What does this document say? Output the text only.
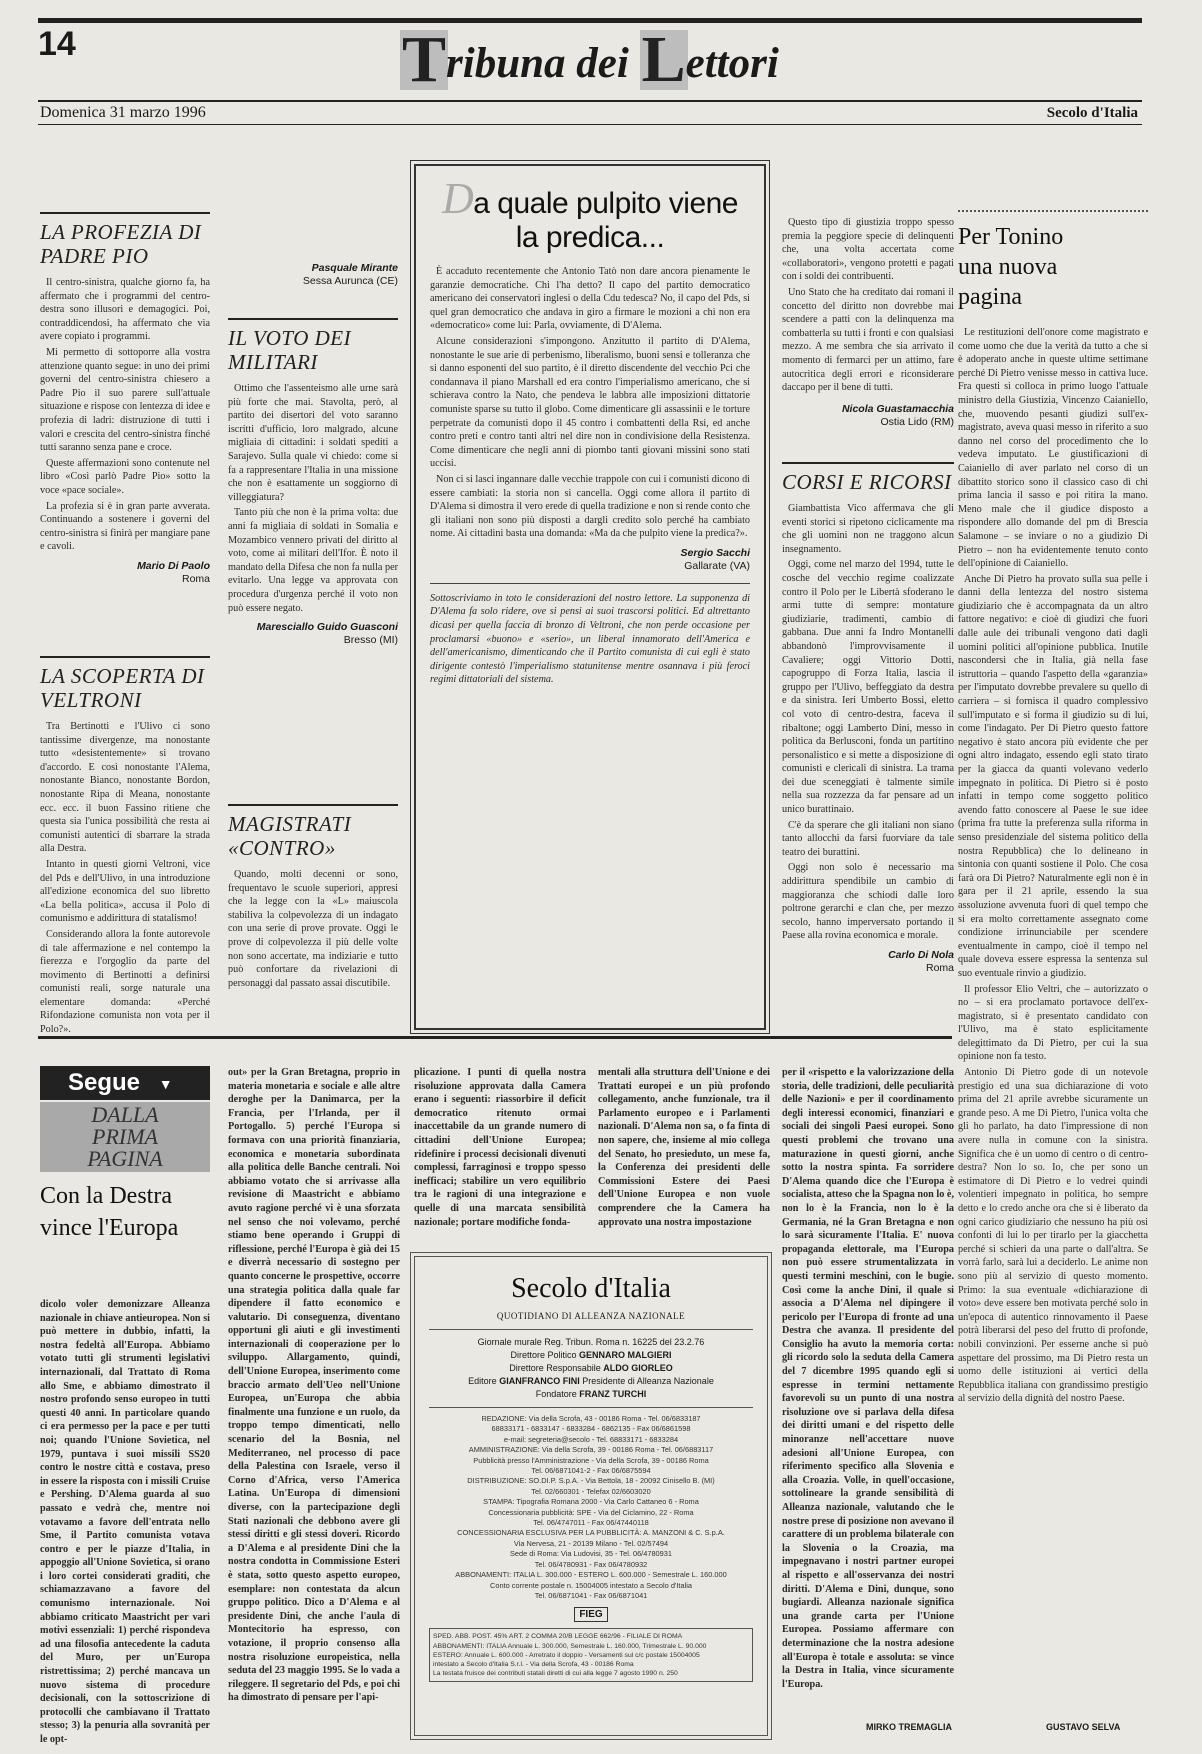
14	Tribuna dei Lettori
Domenica 31 marzo 1996	Secolo d'Italia
LA PROFEZIA DI PADRE PIO

Il centro-sinistra, qualche giorno fa, ha affermato che i programmi del centro-destra sono illusori e demagogici. Poi, contraddicendosi, ha affermato che vìa avere copiato i programmi.

Mi permetto di sottoporre alla vostra attenzione quanto segue: in uno dei primi governi del centro-sinistra chiesero a Padre Pio il suo parere sull'attuale situazione e rispose con lentezza di idee e profezia di ladri: distruzione di tutti i valori e crescita del centro-sinistra finché tutti saranno senza pane e croce.

Queste affermazioni sono contenute nel libro «Così parlò Padre Pio» sotto la voce «pace sociale».

La profezia si è in gran parte avverata. Continuando a sostenere i governi del centro-sinistra si finirà per mangiare pane e cavoli.

Mario Di Paolo
Roma
LA SCOPERTA DI VELTRONI

Tra Bertinotti e l'Ulivo ci sono tantissime divergenze, ma nonostante tutto «desistentemente» si trovano d'accordo. E così nonostante l'Alema, nonostante Bianco, nonostante Bordon, nonostante Ripa di Meana, nonostante ecc. ecc. il buon Fassino ritiene che questa sia l'unica possibilità che resta ai comunisti autentici di sbarrare la strada alla Destra.

Intanto in questi giorni Veltroni, vice del Pds e dell'Ulivo, in una introduzione all'edizione economica del suo libretto «La bella politica», accusa il Polo di comunismo e addirittura di statalismo!

Considerando allora la fonte autorevole di tale affermazione e nel contempo la fierezza e l'orgoglio da parte del movimento di Bertinotti a definirsi comunisti reali, sorge naturale una elementare domanda: «Perché Rifondazione comunista non vota per il Polo?».

Pasquale Mirante
Sessa Aurunca (CE)
IL VOTO DEI MILITARI

Ottimo che l'assenteismo alle urne sarà più forte che mai. Stavolta, però, al partito dei disertori del voto saranno iscritti d'ufficio, loro malgrado, alcune migliaia di cittadini: i soldati spediti a Sarajevo. Sulla quale vi chiedo: come si fa a rappresentare l'Italia in una missione che non è esattamente un soggiorno di villeggiatura?

Tanto più che non è la prima volta: due anni fa migliaia di soldati in Somalia e Mozambico vennero privati del diritto al voto, come ai militari dell'Ifor. È noto il mandato della Difesa che non fa nulla per evitarlo. Una legge va approvata con procedura d'urgenza perché il voto non può essere negato.

Maresciallo Guido Guasconi
Bresso (MI)
MAGISTRATI «CONTRO»

Quando, molti decenni or sono, frequentavo le scuole superiori, appresi che la legge con la «L» maiuscola stabiliva la colpevolezza di un indagato con una serie di prove provate. Oggi le prove di colpevolezza il più delle volte non sono accertate, ma indiziarie e tutto può confortare da rivelazioni di personaggi dal passato assai discutibile.

Da quale pulpito viene la predica...

È accaduto recentemente che Antonio Tatò non dare ancora pienamente le garanzie democratiche. Chi l'ha detto? Il capo del partito democratico americano dei conservatori inglesi o della Cdu tedesca? No, il capo del Pds, si quel gran democratico che andava in giro a firmare le mozioni a chi non era «democratico» come lui: Parla, ovviamente, di D'Alema.

Alcune considerazioni s'impongono. Anzitutto il partito di D'Alema, nonostante le sue arie di perbenismo, liberalismo, buoni sensi e tolleranza che si danno esponenti del suo partito, è il diretto discendente del vecchio Pci che condannava il piano Marshall ed era contro l'imperialismo americano, che si schierava contro la Nato, che pendeva le labbra alle imposizioni dittatorie comuniste sparse su tutto il globo. Come dimenticare gli assassinii e le torture perpetrate da comunisti dopo il 45 contro i combattenti della Rsi, ed anche contro preti e contro tanti altri nel dire non in condivisione della Resistenza. Come dimenticare che negli anni di piombo tanti giovani missini sono stati uccisi.

Non ci si lasci ingannare dalle vecchie trappole con cui i comunisti dicono di essere cambiati: la storia non si cancella. Oggi come allora il partito di D'Alema si dimostra il vero erede di quella tradizione e non si rende conto che gli italiani non sono più disposti a dargli credito solo perché ha cambiato nome. Ai cittadini basta una domanda: «Ma da che pulpito viene la predica?».

Sergio Sacchi
Gallarate (VA)
Sottoscriviamo in toto le considerazioni del nostro lettore. La supponenza di D'Alema fa solo ridere, ove si pensi ai suoi trascorsi politici. Ed altrettanto dicasi per quella faccia di bronzo di Veltroni, che non perde occasione per proclamarsi «buono» e «serio», un liberal innamorato dell'America e dell'americanismo, dimenticando che il Partito comunista di cui egli è stato dirigente contestò l'imperialismo statunitense mentre osannava i più feroci regimi dittatoriali del sistema.

Questo tipo di giustizia troppo spesso premia la peggiore specie di delinquenti che, una volta accertata come «collaboratori», vengono protetti e pagati con i soldi dei contribuenti.

Uno Stato che ha creditato dai romani il concetto del diritto non dovrebbe mai scendere a patti con la delinquenza ma combatterla su tutti i fronti e con qualsiasi mezzo. A me sembra che sia arrivato il momento di fermarci per un attimo, fare autocritica degli errori e riconsiderare daccapo per il bene di tutti.

Nicola Guastamacchia
Ostia Lido (RM)
CORSI E RICORSI

Giambattista Vico affermava che gli eventi storici si ripetono ciclicamente ma che gli uomini non ne traggono alcun insegnamento.

Oggi, come nel marzo del 1994, tutte le cosche del vecchio regime coalizzate contro il Polo per le Libertà sfoderano le armi tutte di sempre: montature giudiziarie, tradimenti, cambio di gabbana. Due anni fa Indro Montanelli abbandonò l'improvvisamente il Cavaliere; oggi Vittorio Dotti, capogruppo di Forza Italia, lascia il gruppo per l'Ulivo, beffeggiato da destra e da sinistra. Ieri Umberto Bossi, eletto col voto di centro-destra, faceva il ribaltone; oggi Lamberto Dini, messo in politica da Berlusconi, fonda un partitino personalistico e si mette a disposizione di comunisti e clericali di sinistra. La trama dei due sceneggiati è talmente simile nella sua rozzezza da far pensare ad un unico burattinaio.

C'è da sperare che gli italiani non siano tanto allocchi da farsi fuorviare da tale teatro dei burattini.

Oggi non solo è necessario ma addirittura spendibile un cambio di maggioranza che schiodi dalle loro poltrone gerarchi e clan che, per mezzo secolo, hanno imperversato portando il Paese alla rovina economica e morale.

Carlo Di Nola
Roma
Per Tonino una nuova pagina

Le restituzioni dell'onore come magistrato e come uomo che due la verità da tutto a che si è adoperato anche in queste ultime settimane perché Di Pietro venisse messo in cattiva luce. Fra questi si colloca in primo luogo l'attuale ministro della Giustizia, Vincenzo Caianiello, che, muovendo pesanti giudizi sull'ex-magistrato, aveva quasi messo in riferito a suo danno nel corso del procedimento che lo vedeva imputato. Le giustificazioni di Caianiello di aver parlato nel corso di un dibattito storico sono il classico caso di chi prima lancia il sasso e poi ritira la mano. Meno male che il giudice disposto a rispondere allo domande del pm di Brescia Salamone – se inviare o no a giudizio Di Pietro – non ha evidentemente tenuto conto dell'opinione di Caianiello.

Anche Di Pietro ha provato sulla sua pelle i danni della lentezza del nostro sistema giudiziario che è accompagnata da un altro fattore negativo: e cioè di giudizi che fuori dalle aule dei tribunali vengono dati dagli uomini politici all'opinione pubblica. Inutile nascondersi che in Italia, già nella fase istruttoria – quando l'aspetto della «garanzia» per l'imputato dovrebbe prevalere su quello di carriera – si fornisca il quadro complessivo sull'imputato e si forma il giudizio su di lui, come l'indagato. Per Di Pietro questo fattore negativo è stato ancora più evidente che per ogni altro indagato, essendo egli stato tirato per la giacca da quanti volevano vederlo impegnato in politica. Di Pietro si è posto infatti in tempo come soggetto politico avendo fatto conoscere al Paese le sue idee (prima fra tutte la preferenza sulla riforma in senso presidenziale del sistema politico della nostra Repubblica) che lo delineano in sintonia con quanti sostiene il Polo. Che cosa farà ora Di Pietro? Naturalmente egli non è in gara per il 21 aprile, essendo la sua assoluzione avvenuta fuori di quel tempo che si era molto correttamente assegnato come condizione irrinunciabile per scendere eventualmente in campo, cioè il tempo nel quale doveva essere espressa la sentenza sul suo eventuale rinvio a giudizio.

Il professor Elio Veltri, che – autorizzato o no – si era proclamato portavoce dell'ex-magistrato, si è presentato candidato con l'Ulivo, ma è stato esplicitamente delegittimato da Di Pietro, per cui la sua opinione non fa testo.

Antonio Di Pietro gode di un notevole prestigio ed una sua dichiarazione di voto prima del 21 aprile avrebbe sicuramente un grande peso. A me Di Pietro, l'unica volta che gli ho parlato, ha dato l'impressione di non avere nulla in comune con la sinistra. Significa che è un uomo di centro o di centro-destra? Non lo so. Io, che per sono un estimatore di Di Pietro e lo vedrei quindi volentieri impegnato in politica, ho sempre detto e lo credo anche ora che si è liberato da ogni carico giudiziario che nessuno ha più osi confonti di lui lo per tirarlo per la giacchetta perché si schieri da una parte o dall'altra. Se vorrà farlo, sarà lui a deciderlo. Le anime non sono più al servizio di questo momento. Primo: la sua eventuale «dichiarazione di voto» deve essere ben motivata perché solo in un'epoca di autentico rinnovamento il Paese potrà liberarsi del peso del frutto di profonde, nobili convinzioni. Per esserne anche si può aspettare del prossimo, ma Di Pietro resta un uomo delle istituzioni ai vertici della Repubblica italiana con grandissimo prestigio al servizio della dignità del nostro Paese.

GUSTAVO SELVA
Segue ▼
DALLA
PRIMA
PAGINA
Con la Destra vince l'Europa
dicolo voler demonizzare Alleanza nazionale in chiave antieuropea. Non si può mettere in dubbio, infatti, la nostra fedeltà all'Europa. Abbiamo votato tutti gli strumenti legislativi internazionali, dal Trattato di Roma allo Sme, e abbiamo dimostrato il nostro profondo senso europeo in tutti questi 40 anni. In particolare quando ci era permesso per la pace e per tutti noi; quando l'Unione Sovietica, nel 1979, puntava i suoi missili SS20 contro le nostre città e costava, preso in essere la risposta con i missili Cruise e Pershing. D'Alema guarda al suo passato e vedrà che, mentre noi votavamo a favore dell'entrata nello Sme, il Partito comunista votava contro e per le piazze d'Italia, in appoggio all'Unione Sovietica, si orano i loro cortei considerati graditi, che schiamazzavano a favore del comunismo internazionale. Noi abbiamo criticato Maastricht per vari motivi essenziali: 1) perché rispondeva ad una filosofia antecedente la caduta del Muro, per un'Europa ristrettissima; 2) perché mancava un nuovo sistema di procedure decisionali, con la sottoscrizione di protocolli che cambiavano il Trattato stesso; 3) la penuria alla sovranità per le opt-
out» per la Gran Bretagna, proprio in materia monetaria e sociale e alle altre deroghe per la Danimarca, per la Francia, per l'Irlanda, per il Portogallo. 5) perché l'Europa si formava con una priorità finanziaria, economica e monetaria subordinata alla politica delle Banche centrali. Noi abbiamo votato che si arrivasse alla revisione di Maastricht e abbiamo avuto ragione perché vi è una sforzata nel senso che noi volevamo, perché stiamo bene operando i Gruppi di riflessione, perché l'Europa è già dei 15 e diverrà necessario di sostegno per quanto concerne le prospettive, occorre una strategia politica dalla quale far dipendere il fatto economico e valutario. Di conseguenza, diventano opportuni gli aiuti e gli investimenti internazionali di cooperazione per lo sviluppo. Allargamento, quindi, dell'Unione Europea, inserimento come braccio armato dell'Ueo nell'Unione Europea, un'Europa che abbia finalmente una funzione e un ruolo, da troppo tempo dimenticati, nello scenario del la Bosnia, nel Mediterraneo, nel processo di pace della Palestina con Israele, verso il Corno d'Africa, verso l'America Latina. Un'Europa di dimensioni diverse, con la partecipazione degli Stati nazionali che debbono avere gli stessi diritti e gli stessi doveri. Ricordo a D'Alema e al presidente Dini che la nostra condotta in Commissione Esteri è stata, sotto questo aspetto europeo, esemplare: non contestata da alcun gruppo politico. Dico a D'Alema e al presidente Dini, che anche l'aula di Montecitorio ha espresso, con votazione, il proprio consenso alla nostra risoluzione europeistica, nella seduta del 23 maggio 1995. Se lo vada a rileggere. Il segretario del Pds, e poi chi ha dimostrato di pensare per l'api-
plicazione. I punti di quella nostra risoluzione approvata dalla Camera erano i seguenti: riassorbire il deficit democratico ritenuto ormai inaccettabile da un grande numero di cittadini dell'Unione Europea; ridefinire i processi decisionali divenuti complessi, farraginosi e troppo spesso inefficaci; stabilire un vero equilibrio tra le ragioni di una integrazione e quelle di una marcata sensibilità nazionale; portare modifiche fonda-
mentali alla struttura dell'Unione e dei Trattati europei e un più profondo collegamento, anche funzionale, tra il Parlamento europeo e i Parlamenti nazionali. D'Alema non sa, o fa finta di non sapere, che, insieme al mio collega del Senato, ho presieduto, un mese fa, la Conferenza dei presidenti delle Commissioni Estere dei Paesi dell'Unione Europea e non vuole comprendere che la Camera ha approvato una nostra impostazione
per il «rispetto e la valorizzazione della storia, delle tradizioni, delle peculiarità delle Nazioni» e per il coordinamento degli interessi economici, finanziari e sociali dei singoli Paesi europei. Sono questi problemi che trovano una maturazione in questi giorni, anche sotto la nostra spinta. Fa sorridere D'Alema quando dice che l'Europa è socialista, atteso che la Spagna non lo è, non lo è la Francia, non lo è la Germania, né la Gran Bretagna e non lo sarà sicuramente l'Italia. E' nuova propaganda elettorale, ma l'Europa non può essere strumentalizzata in questi termini meschini, con le bugie. Così come la anche Dini, il quale si associa a D'Alema nel dipingere il pericolo per l'Europa di fronte ad una Destra che avanza. Il presidente del Consiglio ha avuto la memoria corta: gli ricordo solo la seduta della Camera del 7 dicembre 1995 quando egli si espresse in termini nettamente favorevoli su un punto di una nostra risoluzione ove si parlava della difesa dei diritti umani e del rispetto delle minoranze nell'accettare nuove adesioni all'Unione Europea, con riferimento specifico alla Slovenia e alla Croazia. Volle, in quell'occasione, sottolineare la grande sensibilità di Alleanza nazionale, valutando che le nostre prese di posizione non avevano il carattere di un problema bilaterale con la Slovenia o la Croazia, ma impegnavano i nostri partner europei al rispetto e all'osservanza dei nostri diritti. D'Alema e Dini, dunque, sono bugiardi. Alleanza nazionale significa una grande carta per l'Unione Europea. Possiamo affermare con determinazione che la nostra adesione all'Europa è totale e assoluta: se vince la Destra in Italia, vince sicuramente l'Europa.
MIRKO TREMAGLIA
Secolo d'Italia
QUOTIDIANO DI ALLEANZA NAZIONALE
Giornale murale Reg. Tribun. Roma n. 16225 del 23.2.76
Direttore Politico GENNARO MALGIERI
Direttore Responsabile ALDO GIORLEO
Editore GIANFRANCO FINI Presidente di Alleanza Nazionale
Fondatore FRANZ TURCHI
REDAZIONE: Via della Scrofa, 43 - 00186 Roma - Tel. 06/6833187
68833171 - 6833147 - 6833284 - 6862135 - Fax 06/6861598
e-mail: segreteria@secolo - Tel. 68833171 - 6833284
AMMINISTRAZIONE: Via della Scrofa, 39 - 00186 Roma - Tel. 06/6883117
Pubblicità presso l'Amministrazione - Via della Scrofa, 39 - 00186 Roma
Tel. 06/6871041-2 - Fax 06/6875594
DISTRIBUZIONE: SO.DI.P. S.p.A. - Via Bettola, 18 - 20092 Cinisello B. (MI)
Tel. 02/660301 - Telefax 02/6603020
STAMPA: Tipografia Romana 2000 - Via Carlo Cattaneo 6 - Roma
Concessionaria pubblicità: SPE - Via del Ciclamino, 22 - Roma
Tel. 06/4747011 - Fax 06/47440118
CONCESSIONARIA ESCLUSIVA PER LA PUBBLICITÀ: A. MANZONI & C. S.p.A.
Via Nervesa, 21 - 20139 Milano - Tel. 02/57494
Sede di Roma: Via Ludovisi, 35 - Tel. 06/4780931
Tel. 06/4780931 - Fax 06/4780932
ABBONAMENTI: ITALIA L. 300.000 - ESTERO L. 600.000 - Semestrale L. 160.000
Conto corrente postale n. 15004005 intestato a Secolo d'Italia
Tel. 06/6871041 - Fax 06/6871041
FIEG
SPED. ABB. POST. 45% ART. 2 COMMA 20/B LEGGE 662/96 - FILIALE DI ROMA
ABBONAMENTI: ITALIA Annuale L. 300.000, Semestrale L. 160.000, Trimestrale L. 90.000
ESTERO: Annuale L. 600.000 - Arretrato il doppio - Versamenti sul c/c postale 15004005
intestato a Secolo d'Italia S.r.l. - Via della Scrofa, 43 - 00186 Roma
La testata fruisce dei contributi statali diretti di cui alla legge 7 agosto 1990 n. 250
